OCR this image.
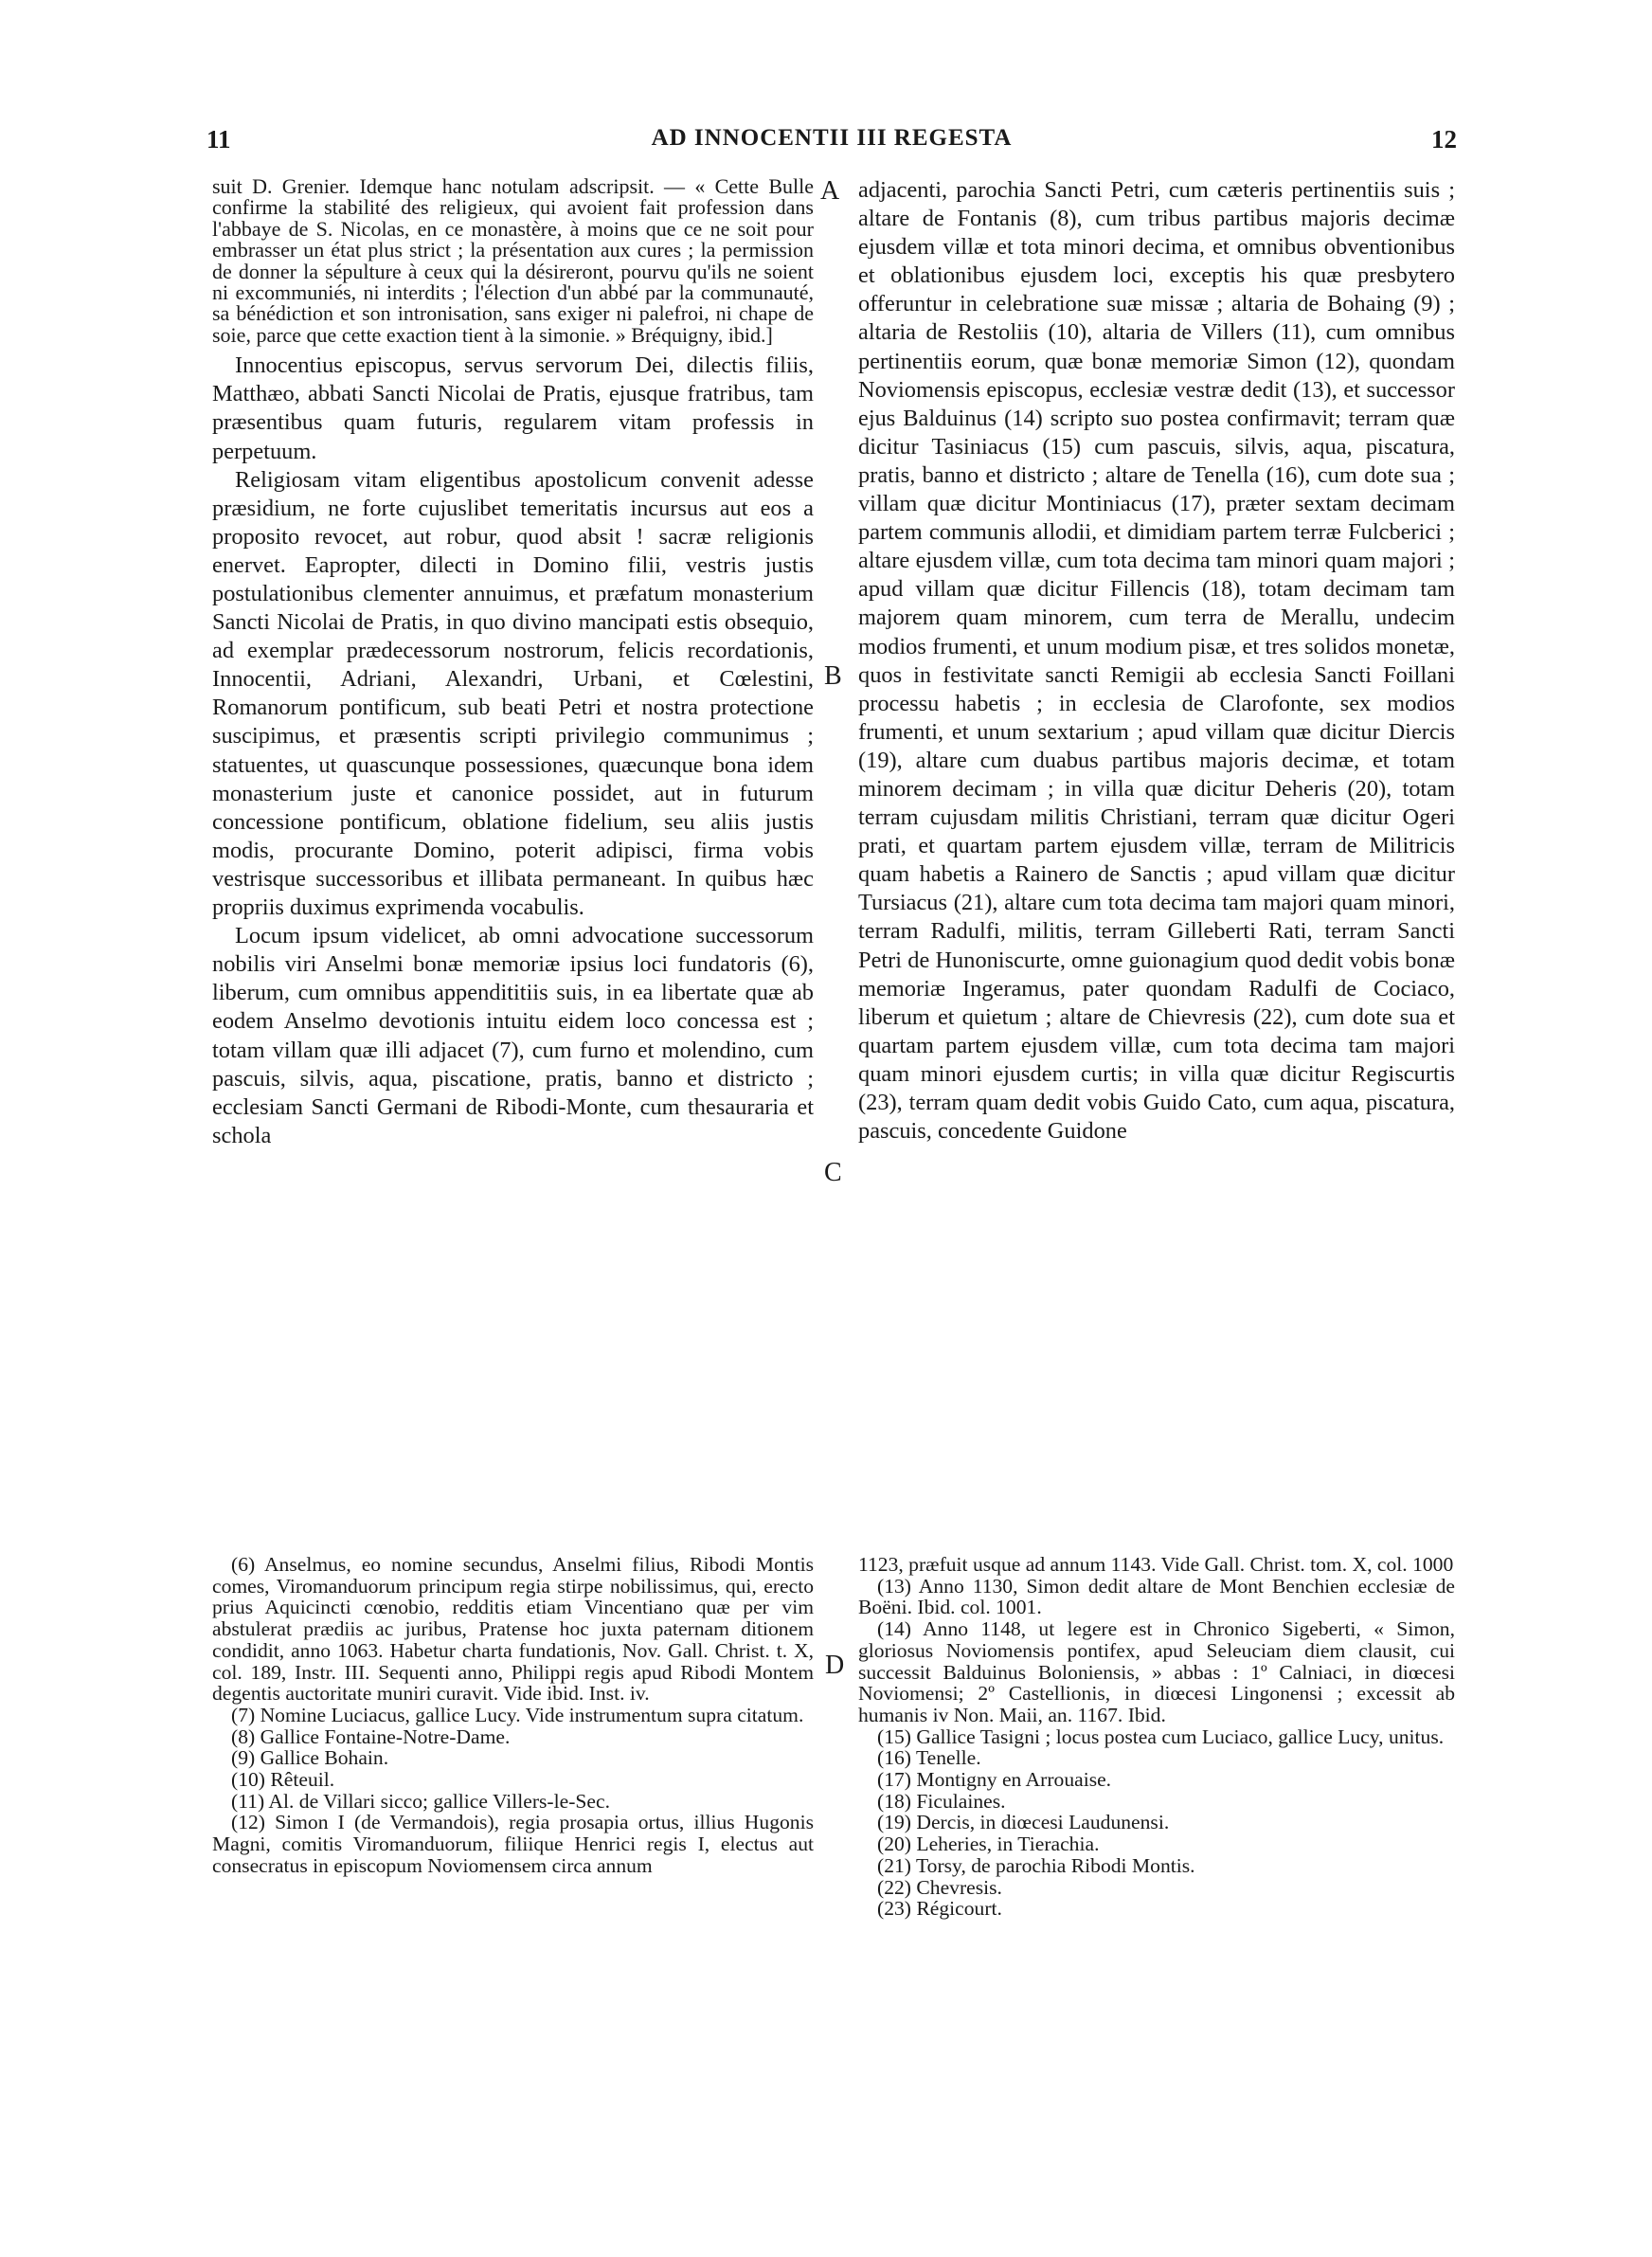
11	AD INNOCENTII III REGESTA	12
A
B
C
D

suit D. Grenier. Idemque hanc notulam adscripsit. — « Cette Bulle confirme la stabilité des religieux, qui avoient fait profession dans l'abbaye de S. Nicolas, en ce monastère, à moins que ce ne soit pour embrasser un état plus strict ; la présentation aux cures ; la permission de donner la sépulture à ceux qui la désireront, pourvu qu'ils ne soient ni excommuniés, ni interdits ; l'élection d'un abbé par la communauté, sa bénédiction et son intronisation, sans exiger ni palefroi, ni chape de soie, parce que cette exaction tient à la simonie. » Bréquigny, ibid.]

Innocentius episcopus, servus servorum Dei, dilectis filiis, Matthæo, abbati Sancti Nicolai de Pratis, ejusque fratribus, tam præsentibus quam futuris, regularem vitam professis in perpetuum.

Religiosam vitam eligentibus apostolicum convenit adesse præsidium, ne forte cujuslibet temeritatis incursus aut eos a proposito revocet, aut robur, quod absit ! sacræ religionis enervet. Eapropter, dilecti in Domino filii, vestris justis postulationibus clementer annuimus, et præfatum monasterium Sancti Nicolai de Pratis, in quo divino mancipati estis obsequio, ad exemplar prædecessorum nostrorum, felicis recordationis, Innocentii, Adriani, Alexandri, Urbani, et Cœlestini, Romanorum pontificum, sub beati Petri et nostra protectione suscipimus, et præsentis scripti privilegio communimus ; statuentes, ut quascunque possessiones, quæcunque bona idem monasterium juste et canonice possidet, aut in futurum concessione pontificum, oblatione fidelium, seu aliis justis modis, procurante Domino, poterit adipisci, firma vobis vestrisque successoribus et illibata permaneant. In quibus hæc propriis duximus exprimenda vocabulis.

Locum ipsum videlicet, ab omni advocatione successorum nobilis viri Anselmi bonæ memoriæ ipsius loci fundatoris (6), liberum, cum omnibus appendititiis suis, in ea libertate quæ ab eodem Anselmo devotionis intuitu eidem loco concessa est ; totam villam quæ illi adjacet (7), cum furno et molendino, cum pascuis, silvis, aqua, piscatione, pratis, banno et districto ; ecclesiam Sancti Germani de Ribodi-Monte, cum thesauraria et schola

adjacenti, parochia Sancti Petri, cum cæteris pertinentiis suis ; altare de Fontanis (8), cum tribus partibus majoris decimæ ejusdem villæ et tota minori decima, et omnibus obventionibus et oblationibus ejusdem loci, exceptis his quæ presbytero offeruntur in celebratione suæ missæ ; altaria de Bohaing (9) ; altaria de Restoliis (10), altaria de Villers (11), cum omnibus pertinentiis eorum, quæ bonæ memoriæ Simon (12), quondam Noviomensis episcopus, ecclesiæ vestræ dedit (13), et successor ejus Balduinus (14) scripto suo postea confirmavit; terram quæ dicitur Tasiniacus (15) cum pascuis, silvis, aqua, piscatura, pratis, banno et districto ; altare de Tenella (16), cum dote sua ; villam quæ dicitur Montiniacus (17), præter sextam decimam partem communis allodii, et dimidiam partem terræ Fulcberici ; altare ejusdem villæ, cum tota decima tam minori quam majori ; apud villam quæ dicitur Fillencis (18), totam decimam tam majorem quam minorem, cum terra de Merallu, undecim modios frumenti, et unum modium pisæ, et tres solidos monetæ, quos in festivitate sancti Remigii ab ecclesia Sancti Foillani processu habetis ; in ecclesia de Clarofonte, sex modios frumenti, et unum sextarium ; apud villam quæ dicitur Diercis (19), altare cum duabus partibus majoris decimæ, et totam minorem decimam ; in villa quæ dicitur Deheris (20), totam terram cujusdam militis Christiani, terram quæ dicitur Ogeri prati, et quartam partem ejusdem villæ, terram de Militricis quam habetis a Rainero de Sanctis ; apud villam quæ dicitur Tursiacus (21), altare cum tota decima tam majori quam minori, terram Radulfi, militis, terram Gilleberti Rati, terram Sancti Petri de Hunoniscurte, omne guionagium quod dedit vobis bonæ memoriæ Ingeramus, pater quondam Radulfi de Cociaco, liberum et quietum ; altare de Chievresis (22), cum dote sua et quartam partem ejusdem villæ, cum tota decima tam majori quam minori ejusdem curtis; in villa quæ dicitur Regiscurtis (23), terram quam dedit vobis Guido Cato, cum aqua, piscatura, pascuis, concedente Guidone

(6) Anselmus, eo nomine secundus, Anselmi filius, Ribodi Montis comes, Viromanduorum principum regia stirpe nobilissimus, qui, erecto prius Aquicincti cœnobio, redditis etiam Vincentiano quæ per vim abstulerat prædiis ac juribus, Pratense hoc juxta paternam ditionem condidit, anno 1063. Habetur charta fundationis, Nov. Gall. Christ. t. X, col. 189, Instr. III. Sequenti anno, Philippi regis apud Ribodi Montem degentis auctoritate muniri curavit. Vide ibid. Inst. iv.

(7) Nomine Luciacus, gallice Lucy. Vide instrumentum supra citatum.

(8) Gallice Fontaine-Notre-Dame.

(9) Gallice Bohain.

(10) Rêteuil.

(11) Al. de Villari sicco; gallice Villers-le-Sec.

(12) Simon I (de Vermandois), regia prosapia ortus, illius Hugonis Magni, comitis Viromanduorum, filiique Henrici regis I, electus aut consecratus in episcopum Noviomensem circa annum

1123, præfuit usque ad annum 1143. Vide Gall. Christ. tom. X, col. 1000

(13) Anno 1130, Simon dedit altare de Mont Benchien ecclesiæ de Boëni. Ibid. col. 1001.

(14) Anno 1148, ut legere est in Chronico Sigeberti, « Simon, gloriosus Noviomensis pontifex, apud Seleuciam diem clausit, cui successit Balduinus Boloniensis, » abbas : 1º Calniaci, in diœcesi Noviomensi; 2º Castellionis, in diœcesi Lingonensi ; excessit ab humanis iv Non. Maii, an. 1167. Ibid.

(15) Gallice Tasigni ; locus postea cum Luciaco, gallice Lucy, unitus.

(16) Tenelle.

(17) Montigny en Arrouaise.

(18) Ficulaines.

(19) Dercis, in diœcesi Laudunensi.

(20) Leheries, in Tierachia.

(21) Torsy, de parochia Ribodi Montis.

(22) Chevresis.

(23) Régicourt.
